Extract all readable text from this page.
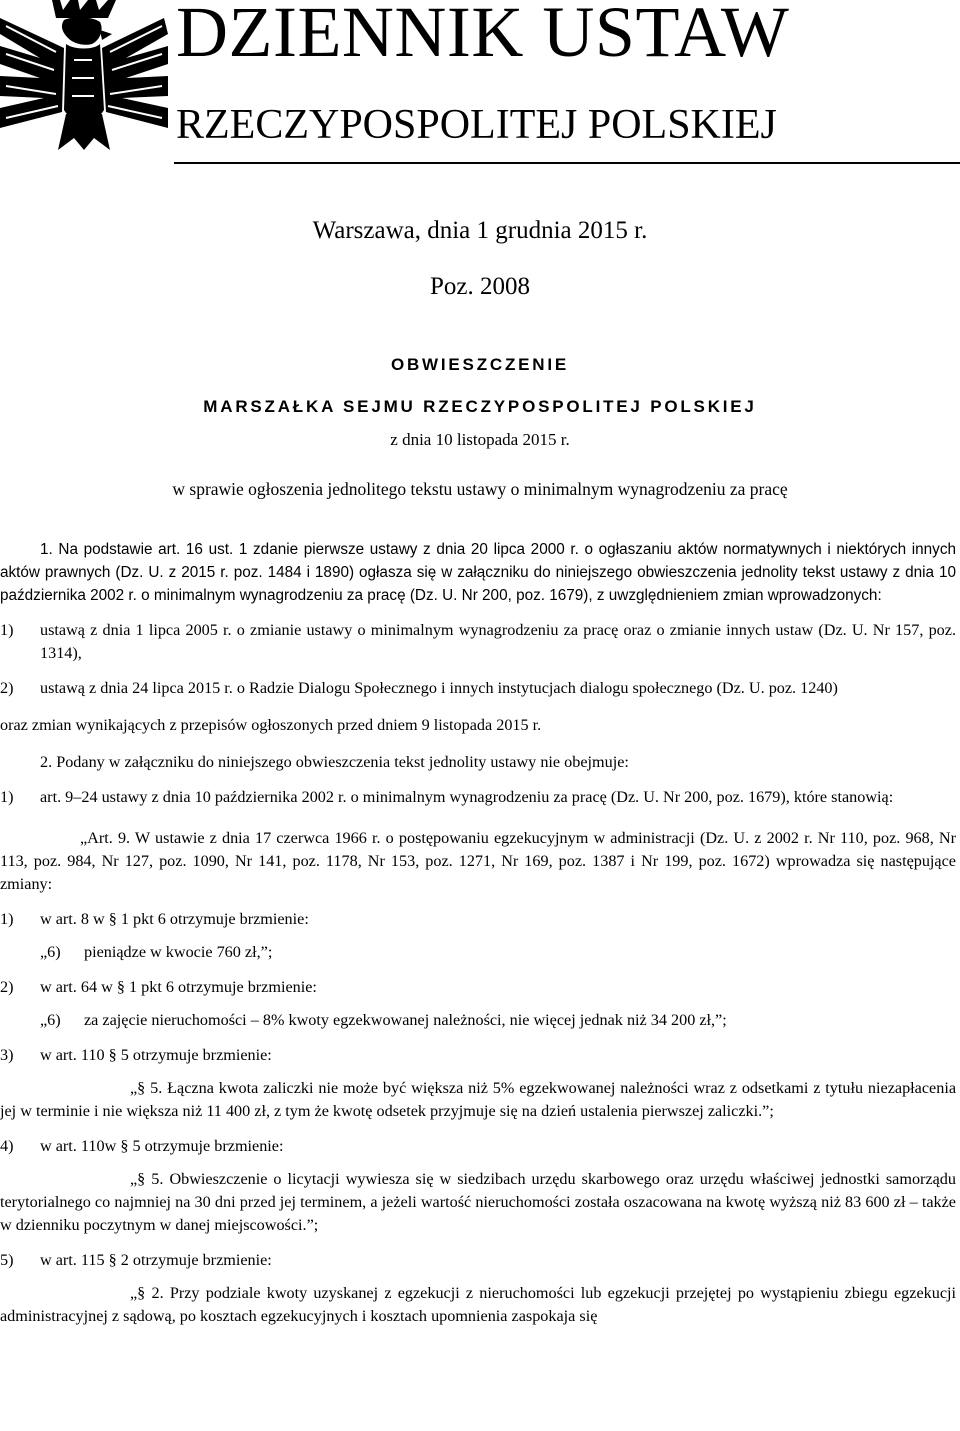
DZIENNIK USTAW
RZECZYPOSPOLITEJ POLSKIEJ
Warszawa, dnia 1 grudnia 2015 r.
Poz. 2008
OBWIESZCZENIE
MARSZAŁKA SEJMU RZECZYPOSPOLITEJ POLSKIEJ
z dnia 10 listopada 2015 r.
w sprawie ogłoszenia jednolitego tekstu ustawy o minimalnym wynagrodzeniu za pracę

1. Na podstawie art. 16 ust. 1 zdanie pierwsze ustawy z dnia 20 lipca 2000 r. o ogłaszaniu aktów normatywnych i niektórych innych aktów prawnych (Dz. U. z 2015 r. poz. 1484 i 1890) ogłasza się w załączniku do niniejszego obwieszczenia jednolity tekst ustawy z dnia 10 października 2002 r. o minimalnym wynagrodzeniu za pracę (Dz. U. Nr 200, poz. 1679), z uwzględnieniem zmian wprowadzonych:

1) ustawą z dnia 1 lipca 2005 r. o zmianie ustawy o minimalnym wynagrodzeniu za pracę oraz o zmianie innych ustaw (Dz. U. Nr 157, poz. 1314),
2) ustawą z dnia 24 lipca 2015 r. o Radzie Dialogu Społecznego i innych instytucjach dialogu społecznego (Dz. U. poz. 1240)

oraz zmian wynikających z przepisów ogłoszonych przed dniem 9 listopada 2015 r.

2. Podany w załączniku do niniejszego obwieszczenia tekst jednolity ustawy nie obejmuje:

1) art. 9–24 ustawy z dnia 10 października 2002 r. o minimalnym wynagrodzeniu za pracę (Dz. U. Nr 200, poz. 1679), które stanowią:

„Art. 9. W ustawie z dnia 17 czerwca 1966 r. o postępowaniu egzekucyjnym w administracji (Dz. U. z 2002 r. Nr 110, poz. 968, Nr 113, poz. 984, Nr 127, poz. 1090, Nr 141, poz. 1178, Nr 153, poz. 1271, Nr 169, poz. 1387 i Nr 199, poz. 1672) wprowadza się następujące zmiany:

1) w art. 8 w § 1 pkt 6 otrzymuje brzmienie:
„6) pieniądze w kwocie 760 zł,”;
2) w art. 64 w § 1 pkt 6 otrzymuje brzmienie:
„6) za zajęcie nieruchomości – 8% kwoty egzekwowanej należności, nie więcej jednak niż 34 200 zł,”;
3) w art. 110 § 5 otrzymuje brzmienie:

„§ 5. Łączna kwota zaliczki nie może być większa niż 5% egzekwowanej należności wraz z odsetkami z tytułu niezapłacenia jej w terminie i nie większa niż 11 400 zł, z tym że kwotę odsetek przyjmuje się na dzień ustalenia pierwszej zaliczki.”;

4) w art. 110w § 5 otrzymuje brzmienie:

„§ 5. Obwieszczenie o licytacji wywiesza się w siedzibach urzędu skarbowego oraz urzędu właściwej jednostki samorządu terytorialnego co najmniej na 30 dni przed jej terminem, a jeżeli wartość nieruchomości została oszacowana na kwotę wyższą niż 83 600 zł – także w dzienniku poczytnym w danej miejscowości.”;

5) w art. 115 § 2 otrzymuje brzmienie:

„§ 2. Przy podziale kwoty uzyskanej z egzekucji z nieruchomości lub egzekucji przejętej po wystąpieniu zbiegu egzekucji administracyjnej z sądową, po kosztach egzekucyjnych i kosztach upomnienia zaspokaja się
